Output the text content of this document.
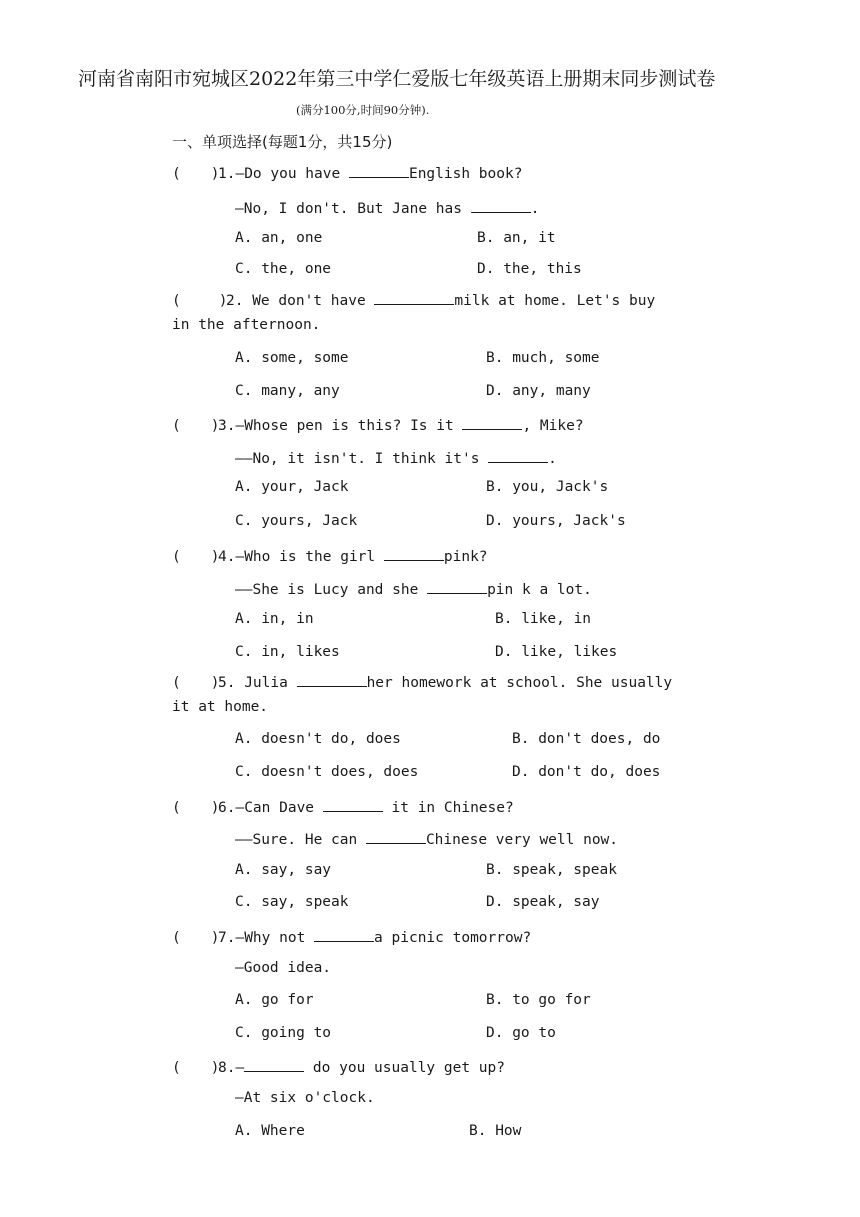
河南省南阳市宛城区2022年第三中学仁爱版七年级英语上册期末同步测试卷
(满分100分,时间90分钟).
一、单项选择(每题1分，共15分)
( )1.—Do you have	English book?
—No, I don't. But Jane has	.
A. an, one	B. an, it
C. the, one	D. the, this
(	)2. We don't have	milk at home. Let's buy
in the afternoon.
A. some, some	B. much, some
C. many, any	D. any, many
( )3.—Whose pen is this? Is it	, Mike?
——No, it isn't. I think it's	.
A. your, Jack	B. you, Jack's
C. yours, Jack	D. yours, Jack's
( )4.—Who is the girl	pink?
——She is Lucy and she	pin k a lot.
A. in, in	B. like, in
C. in, likes	D. like, likes
( )5. Julia	her homework at school. She usually
it at home.
A. doesn't do, does	B. don't does, do
C. doesn't does, does	D. don't do, does
( )6.—Can Dave	it in Chinese?
——Sure. He can	Chinese very well now.
A. say, say	B. speak, speak
C. say, speak	D. speak, say
( )7.—Why not	a picnic tomorrow?
—Good idea.
A. go for	B. to go for
C. going to	D. go to
( )8.—	do you usually get up?
—At six o'clock.
A. Where	B. How
